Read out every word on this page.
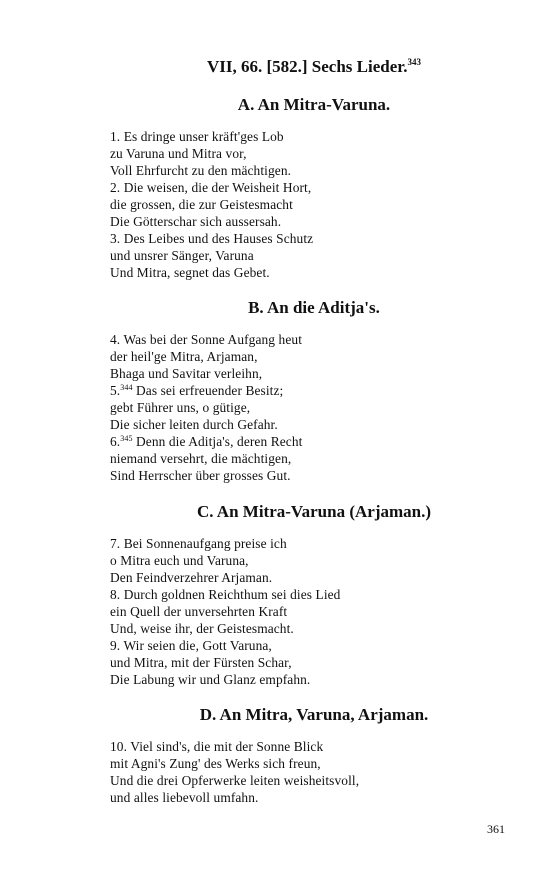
VII, 66. [582.] Sechs Lieder.$^{343}$
A. An Mitra-Varuna.
1. Es dringe unser kräft'ges Lob
zu Varuna und Mitra vor,
Voll Ehrfurcht zu den mächtigen.
2. Die weisen, die der Weisheit Hort,
die grossen, die zur Geistesmacht
Die Götterschar sich aussersah.
3. Des Leibes und des Hauses Schutz
und unsrer Sänger, Varuna
Und Mitra, segnet das Gebet.
B. An die Aditja's.
4. Was bei der Sonne Aufgang heut
der heil'ge Mitra, Arjaman,
Bhaga und Savitar verleihn,
5.$^{344}$ Das sei erfreuender Besitz;
gebt Führer uns, o gütige,
Die sicher leiten durch Gefahr.
6.$^{345}$ Denn die Aditja's, deren Recht
niemand versehrt, die mächtigen,
Sind Herrscher über grosses Gut.
C. An Mitra-Varuna (Arjaman.)
7. Bei Sonnenaufgang preise ich
o Mitra euch und Varuna,
Den Feindverzehrer Arjaman.
8. Durch goldnen Reichthum sei dies Lied
ein Quell der unversehrten Kraft
Und, weise ihr, der Geistesmacht.
9. Wir seien die, Gott Varuna,
und Mitra, mit der Fürsten Schar,
Die Labung wir und Glanz empfahn.
D. An Mitra, Varuna, Arjaman.
10. Viel sind's, die mit der Sonne Blick
mit Agni's Zung' des Werks sich freun,
Und die drei Opferwerke leiten weisheitsvoll,
und alles liebevoll umfahn.
361
